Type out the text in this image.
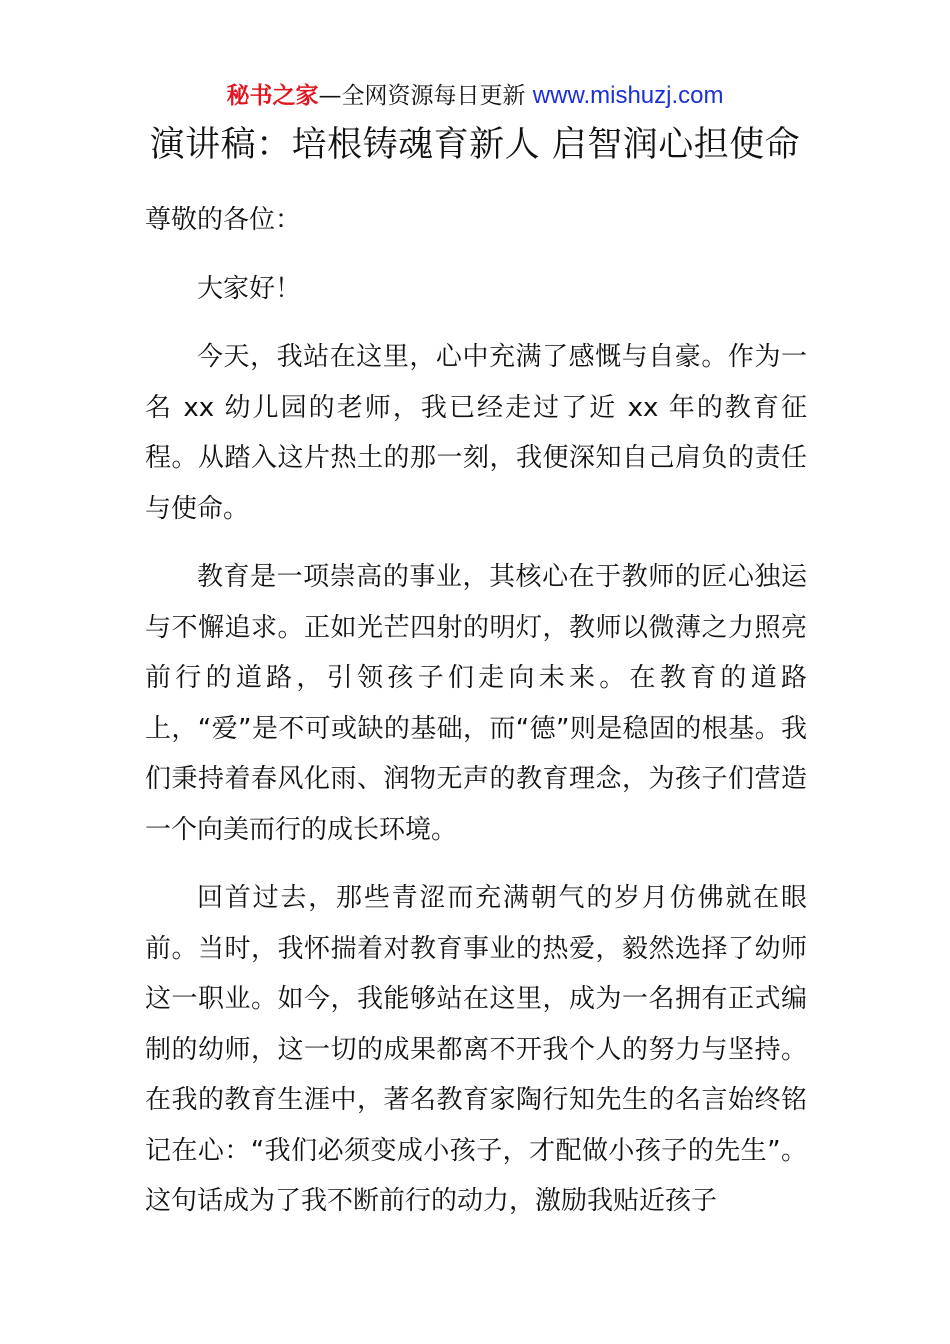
秘书之家—全网资源每日更新 www.mishuzj.com
演讲稿：培根铸魂育新人 启智润心担使命

尊敬的各位：

大家好！

今天，我站在这里，心中充满了感慨与自豪。作为一名 xx 幼儿园的老师，我已经走过了近 xx 年的教育征程。从踏入这片热土的那一刻，我便深知自己肩负的责任与使命。

教育是一项崇高的事业，其核心在于教师的匠心独运与不懈追求。正如光芒四射的明灯，教师以微薄之力照亮前行的道路，引领孩子们走向未来。在教育的道路上，“爱”是不可或缺的基础，而“德”则是稳固的根基。我们秉持着春风化雨、润物无声的教育理念，为孩子们营造一个向美而行的成长环境。

回首过去，那些青涩而充满朝气的岁月仿佛就在眼前。当时，我怀揣着对教育事业的热爱，毅然选择了幼师这一职业。如今，我能够站在这里，成为一名拥有正式编制的幼师，这一切的成果都离不开我个人的努力与坚持。在我的教育生涯中，著名教育家陶行知先生的名言始终铭记在心：“我们必须变成小孩子，才配做小孩子的先生”。这句话成为了我不断前行的动力，激励我贴近孩子
